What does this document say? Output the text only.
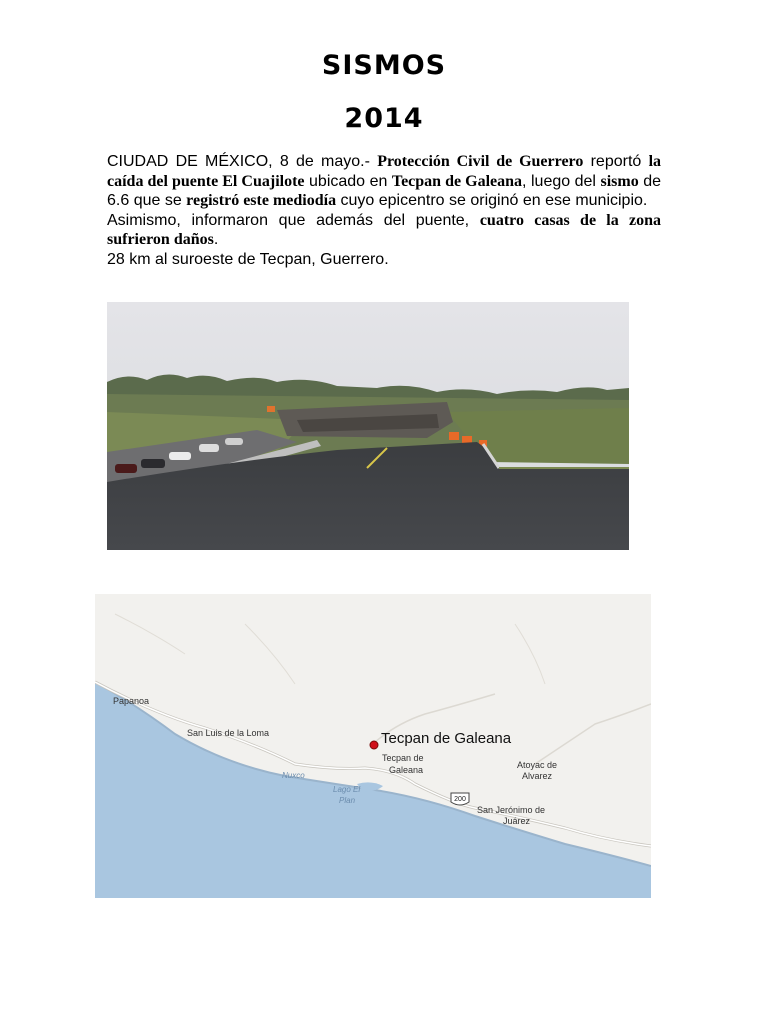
SISMOS
2014

CIUDAD DE MÉXICO, 8 de mayo.- Protección Civil de Guerrero reportó la caída del puente El Cuajilote ubicado en Tecpan de Galeana, luego del sismo de 6.6 que se registró este mediodía cuyo epicentro se originó en ese municipio.

Asimismo, informaron que además del puente, cuatro casas de la zona sufrieron daños.

28 km al suroeste de Tecpan, Guerrero.

200
Papanoa
San Luis de la Loma
Tecpan de
Galeana	Atoyac de
Alvarez
Nuxco
Lago El
Plan
San Jerónimo de
Juárez
Tecpan de Galeana
